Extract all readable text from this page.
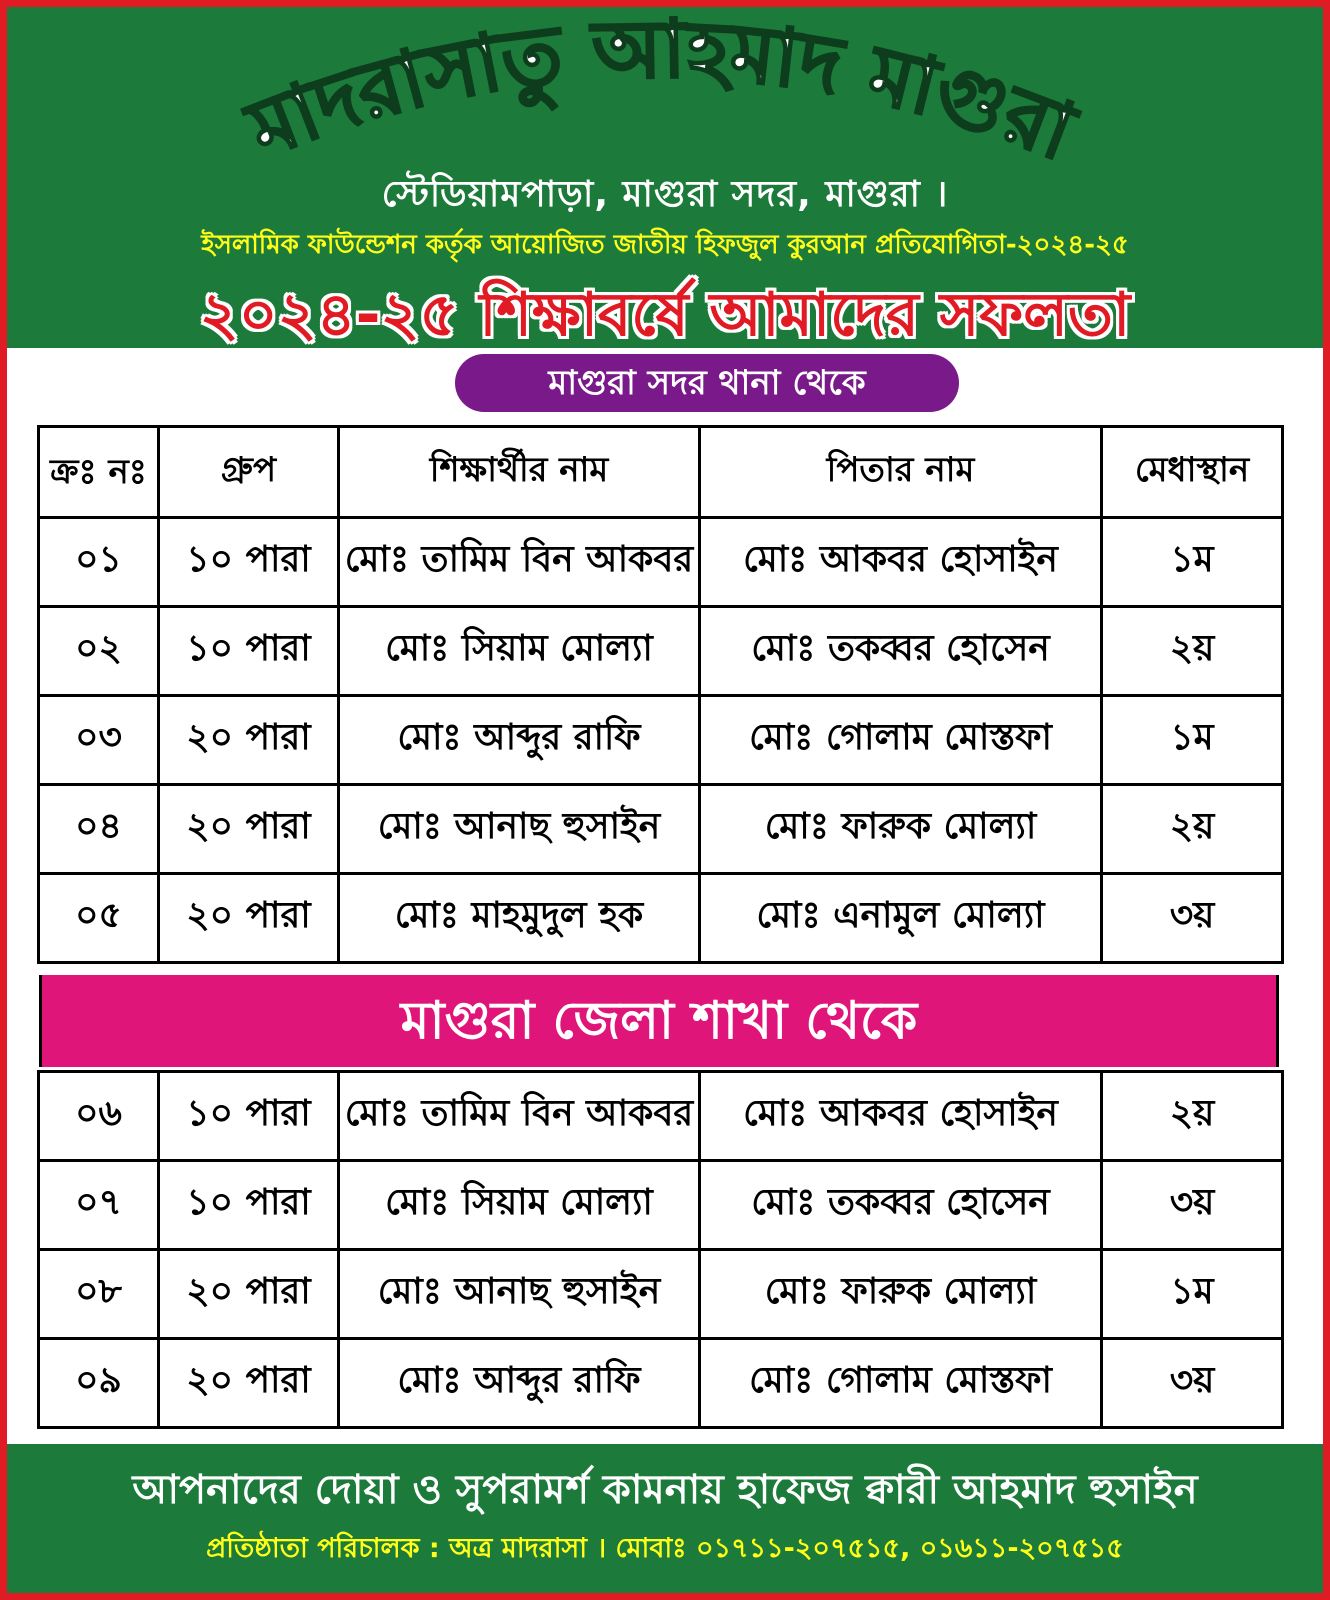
মাদরাসাতু আহমাদ মাগুরা
স্টেডিয়ামপাড়া, মাগুরা সদর, মাগুরা ।
ইসলামিক ফাউন্ডেশন কর্তৃক আয়োজিত জাতীয় হিফজুল কুরআন প্রতিযোগিতা-২০২৪-২৫
২০২৪-২৫ শিক্ষাবর্ষে আমাদের সফলতা
মাগুরা সদর থানা থেকে
ক্রঃ নঃ	গ্রুপ	শিক্ষার্থীর নাম	পিতার নাম	মেধাস্থান
০১	১০ পারা	মোঃ তামিম বিন আকবর	মোঃ আকবর হোসাইন	১ম
০২	১০ পারা	মোঃ সিয়াম মোল্যা	মোঃ তকব্বর হোসেন	২য়
০৩	২০ পারা	মোঃ আব্দুর রাফি	মোঃ গোলাম মোস্তফা	১ম
০৪	২০ পারা	মোঃ আনাছ হুসাইন	মোঃ ফারুক মোল্যা	২য়
০৫	২০ পারা	মোঃ মাহমুদুল হক	মোঃ এনামুল মোল্যা	৩য়
মাগুরা জেলা শাখা থেকে
০৬	১০ পারা	মোঃ তামিম বিন আকবর	মোঃ আকবর হোসাইন	২য়
০৭	১০ পারা	মোঃ সিয়াম মোল্যা	মোঃ তকব্বর হোসেন	৩য়
০৮	২০ পারা	মোঃ আনাছ হুসাইন	মোঃ ফারুক মোল্যা	১ম
০৯	২০ পারা	মোঃ আব্দুর রাফি	মোঃ গোলাম মোস্তফা	৩য়
আপনাদের দোয়া ও সুপরামর্শ কামনায় হাফেজ ক্বারী আহমাদ হুসাইন
প্রতিষ্ঠাতা পরিচালক : অত্র মাদরাসা । মোবাঃ ০১৭১১-২০৭৫১৫, ০১৬১১-২০৭৫১৫
